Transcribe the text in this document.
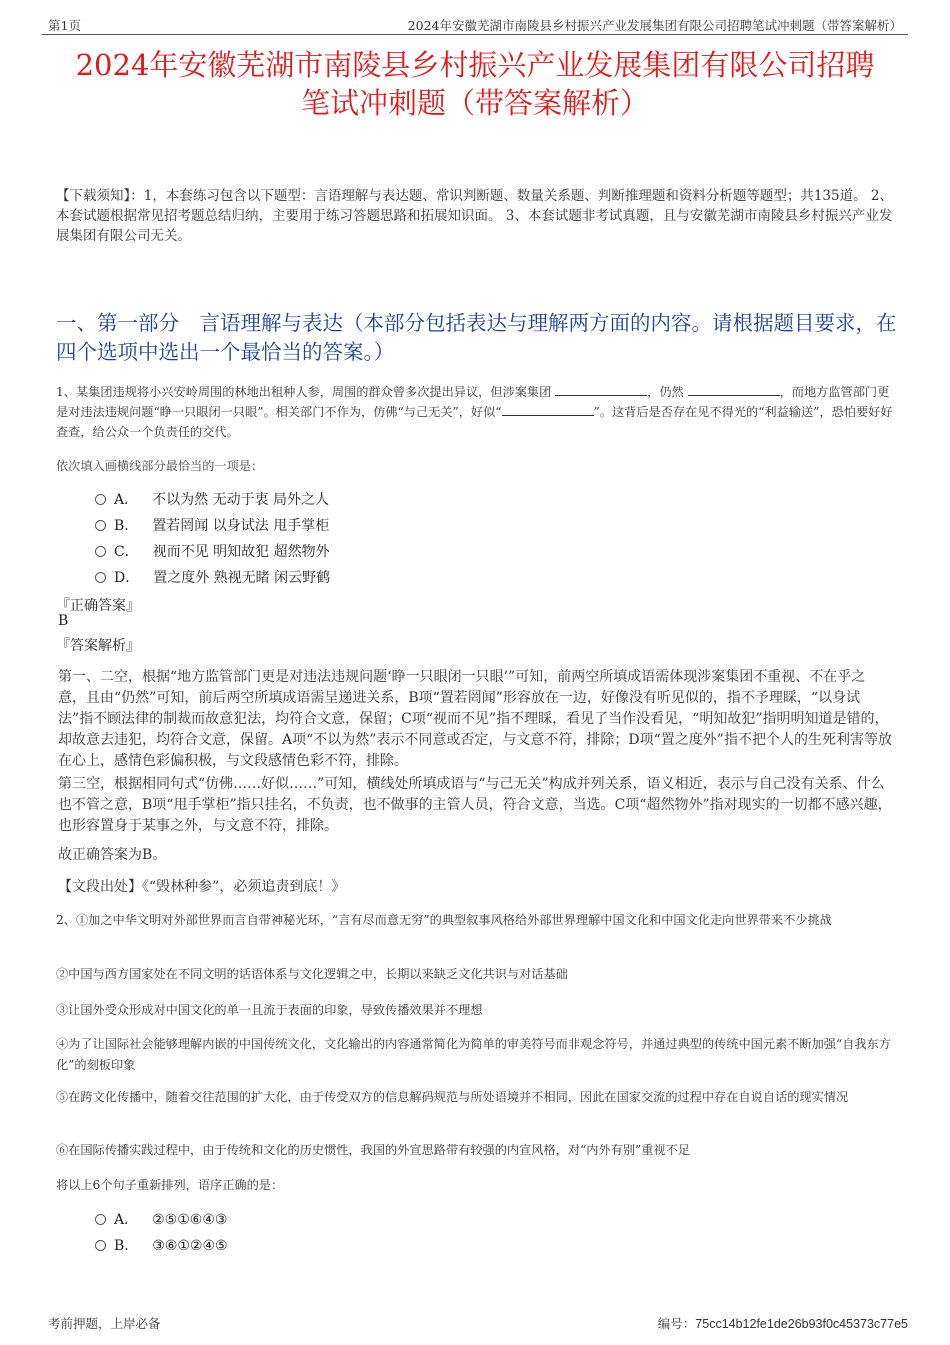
第1页	2024年安徽芜湖市南陵县乡村振兴产业发展集团有限公司招聘笔试冲刺题（带答案解析）
2024年安徽芜湖市南陵县乡村振兴产业发展集团有限公司招聘
笔试冲刺题（带答案解析）
【下载须知】：1，本套练习包含以下题型：言语理解与表达题、常识判断题、数量关系题、判断推理题和资料分析题等题型；共135道。 2、本套试题根据常见招考题总结归纳，主要用于练习答题思路和拓展知识面。 3、本套试题非考试真题，且与安徽芜湖市南陵县乡村振兴产业发展集团有限公司无关。
一、第一部分　言语理解与表达（本部分包括表达与理解两方面的内容。请根据题目要求，在四个选项中选出一个最恰当的答案。）
1、某集团违规将小兴安岭周围的林地出租种人参，周围的群众曾多次提出异议，但涉案集团	，仍然	，而地方监管部门更是对违法违规问题“睁一只眼闭一只眼”。相关部门不作为，仿佛“与己无关”，好似“	”。这背后是否存在见不得光的“利益输送”，恐怕要好好查查，给公众一个负责任的交代。
依次填入画横线部分最恰当的一项是：
A． 不以为然 无动于衷 局外之人
B． 置若罔闻 以身试法 甩手掌柜
C． 视而不见 明知故犯 超然物外
D． 置之度外 熟视无睹 闲云野鹤
『正确答案』
B
『答案解析』
第一、二空，根据“地方监管部门更是对违法违规问题‘睁一只眼闭一只眼’”可知，前两空所填成语需体现涉案集团不重视、不在乎之意，且由“仍然”可知，前后两空所填成语需呈递进关系，B项“置若罔闻”形容放在一边，好像没有听见似的，指不予理睬，“以身试法”指不顾法律的制裁而故意犯法，均符合文意，保留；C项“视而不见”指不理睬，看见了当作没看见，“明知故犯”指明明知道是错的，却故意去违犯，均符合文意，保留。A项“不以为然”表示不同意或否定，与文意不符，排除；D项“置之度外”指不把个人的生死利害等放在心上，感情色彩偏积极，与文段感情色彩不符，排除。
第三空，根据相同句式“仿佛……好似……”可知，横线处所填成语与“与己无关”构成并列关系，语义相近，表示与自己没有关系、什么也不管之意，B项“甩手掌柜”指只挂名，不负责，也不做事的主管人员，符合文意，当选。C项“超然物外”指对现实的一切都不感兴趣，也形容置身于某事之外，与文意不符，排除。
故正确答案为B。
【文段出处】《“毁林种参”，必须追责到底！》
2、①加之中华文明对外部世界而言自带神秘光环，“言有尽而意无穷”的典型叙事风格给外部世界理解中国文化和中国文化走向世界带来不少挑战
②中国与西方国家处在不同文明的话语体系与文化逻辑之中，长期以来缺乏文化共识与对话基础
③让国外受众形成对中国文化的单一且流于表面的印象，导致传播效果并不理想
④为了让国际社会能够理解内嵌的中国传统文化，文化输出的内容通常简化为简单的审美符号而非观念符号，并通过典型的传统中国元素不断加强“自我东方化”的刻板印象
⑤在跨文化传播中，随着交往范围的扩大化，由于传受双方的信息解码规范与所处语境并不相同，因此在国家交流的过程中存在自说自话的现实情况
⑥在国际传播实践过程中，由于传统和文化的历史惯性，我国的外宣思路带有较强的内宣风格，对“内外有别”重视不足
将以上6个句子重新排列，语序正确的是：
A． ②⑤①⑥④③
B． ③⑥①②④⑤
考前押题，上岸必备	编号：75cc14b12fe1de26b93f0c45373c77e5
